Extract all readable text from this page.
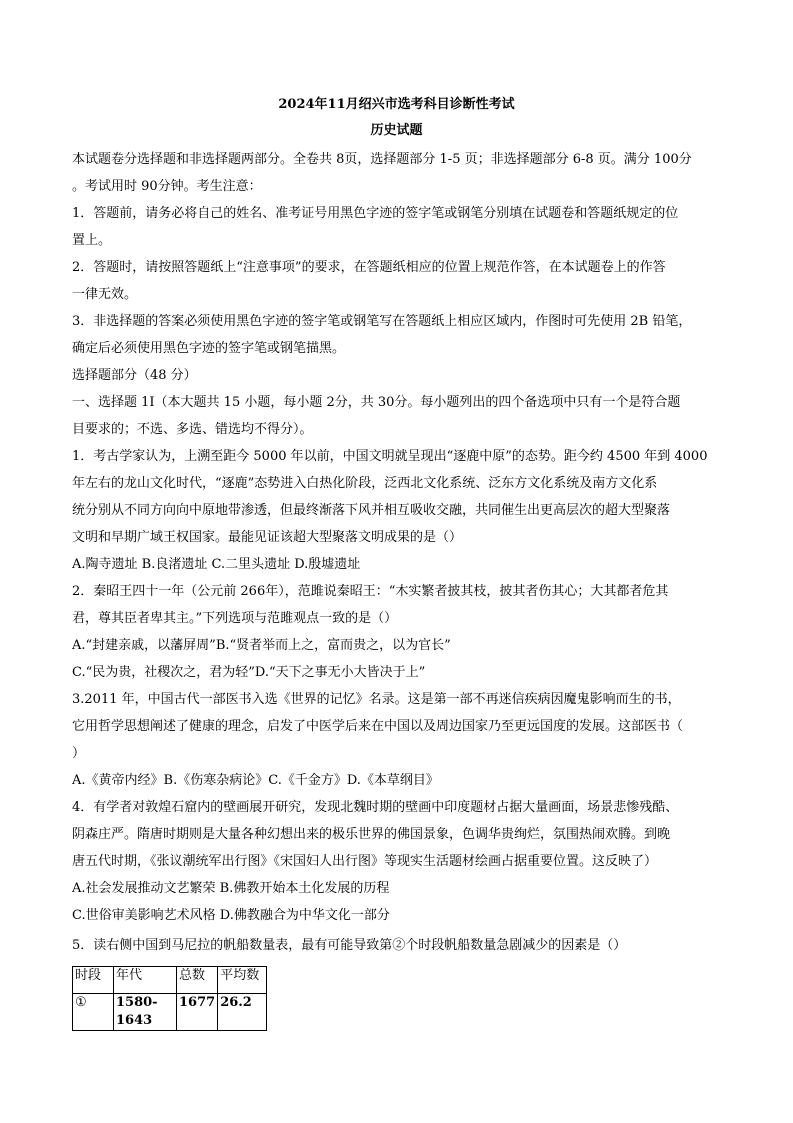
2024年11月绍兴市选考科目诊断性考试
历史试题
本试题卷分选择题和非选择题两部分。全卷共 8页，选择题部分 1-5 页；非选择题部分 6-8 页。满分 100分
。考试用时 90分钟。考生注意：
1．答题前，请务必将自己的姓名、准考证号用黑色字迹的签字笔或钢笔分别填在试题卷和答题纸规定的位
置上。
2．答题时，请按照答题纸上“注意事项”的要求，在答题纸相应的位置上规范作答，在本试题卷上的作答
一律无效。
3．非选择题的答案必须使用黑色字迹的签字笔或钢笔写在答题纸上相应区域内，作图时可先使用 2B 铅笔，
确定后必须使用黑色字迹的签字笔或钢笔描黑。
选择题部分（48 分）
一、选择题 1I（本大题共 15 小题，每小题 2分，共 30分。每小题列出的四个备选项中只有一个是符合题
目要求的；不选、多选、错选均不得分）。
1．考古学家认为，上溯至距今 5000 年以前，中国文明就呈现出“逐鹿中原”的态势。距今约 4500 年到 4000
年左右的龙山文化时代，“逐鹿”态势进入白热化阶段，泛西北文化系统、泛东方文化系统及南方文化系
统分别从不同方向向中原地带渗透，但最终渐落下风并相互吸收交融，共同催生出更高层次的超大型聚落
文明和早期广域王权国家。最能见证该超大型聚落文明成果的是（）
A.陶寺遗址 B.良渚遗址 C.二里头遗址 D.殷墟遗址
2．秦昭王四十一年（公元前 266年），范雎说秦昭王：“木实繁者披其枝，披其者伤其心；大其都者危其
君，尊其臣者卑其主。”下列选项与范雎观点一致的是（）
A.“封建亲戚，以藩屏周”B.“贤者举而上之，富而贵之，以为官长”
C.“民为贵，社稷次之，君为轻”D.“天下之事无小大皆决于上”
3.2011 年，中国古代一部医书入选《世界的记忆》名录。这是第一部不再迷信疾病因魔鬼影响而生的书，
它用哲学思想阐述了健康的理念，启发了中医学后来在中国以及周边国家乃至更远国度的发展。这部医书（
）
A.《黄帝内经》B.《伤寒杂病论》C.《千金方》D.《本草纲目》
4．有学者对敦煌石窟内的壁画展开研究，发现北魏时期的壁画中印度题材占据大量画面，场景悲惨残酷、
阴森庄严。隋唐时期则是大量各种幻想出来的极乐世界的佛国景象，色调华贵绚烂，氛围热闹欢腾。到晚
唐五代时期，《张议潮统军出行图》《宋国妇人出行图》等现实生活题材绘画占据重要位置。这反映了）
A.社会发展推动文艺繁荣 B.佛教开始本土化发展的历程
C.世俗审美影响艺术风格 D.佛教融合为中华文化一部分
5．读右侧中国到马尼拉的帆船数量表，最有可能导致第②个时段帆船数量急剧减少的因素是（）
时段	年代	总数	平均数
①	1580-1643	1677	26.2
